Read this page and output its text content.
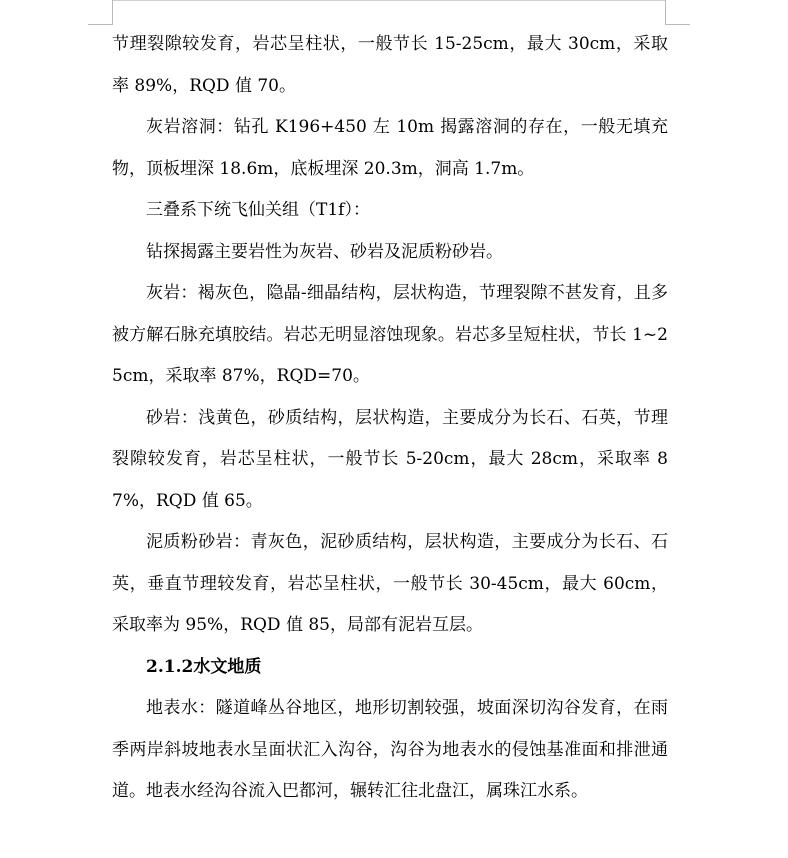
节理裂隙较发育，岩芯呈柱状，一般节长 15-25cm，最大 30cm，采取率 89%，RQD 值 70。

灰岩溶洞：钻孔 K196+450 左 10m 揭露溶洞的存在，一般无填充物，顶板埋深 18.6m，底板埋深 20.3m，洞高 1.7m。

三叠系下统飞仙关组（T1f）：

钻探揭露主要岩性为灰岩、砂岩及泥质粉砂岩。

灰岩：褐灰色，隐晶-细晶结构，层状构造，节理裂隙不甚发育，且多被方解石脉充填胶结。岩芯无明显溶蚀现象。岩芯多呈短柱状，节长 1~25cm，采取率 87%，RQD=70。

砂岩：浅黄色，砂质结构，层状构造，主要成分为长石、石英，节理裂隙较发育，岩芯呈柱状，一般节长 5-20cm，最大 28cm，采取率 87%，RQD 值 65。

泥质粉砂岩：青灰色，泥砂质结构，层状构造，主要成分为长石、石英，垂直节理较发育，岩芯呈柱状，一般节长 30-45cm，最大 60cm，采取率为 95%，RQD 值 85，局部有泥岩互层。

2.1.2水文地质

地表水：隧道峰丛谷地区，地形切割较强，坡面深切沟谷发育，在雨季两岸斜坡地表水呈面状汇入沟谷，沟谷为地表水的侵蚀基准面和排泄通道。地表水经沟谷流入巴都河，辗转汇往北盘江，属珠江水系。
